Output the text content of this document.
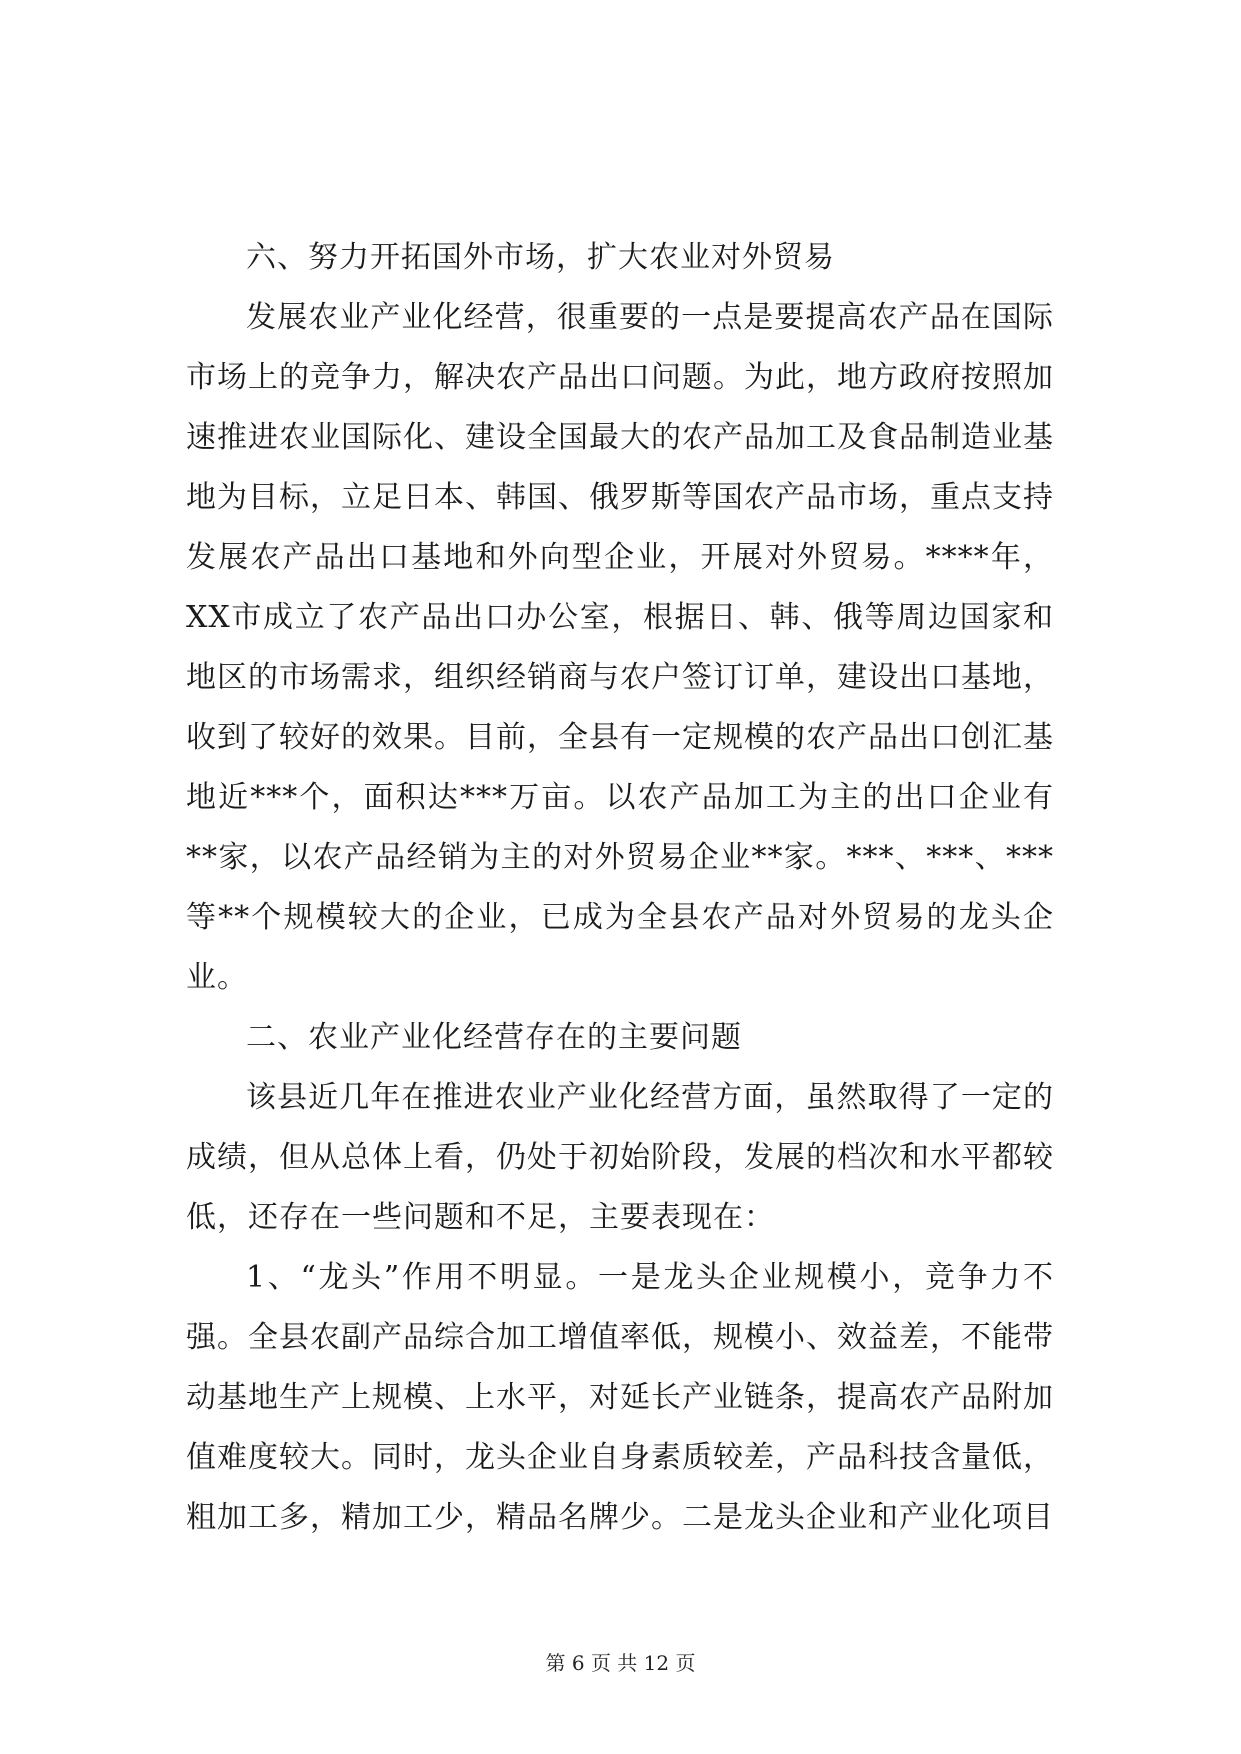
六、努力开拓国外市场，扩大农业对外贸易

发展农业产业化经营，很重要的一点是要提高农产品在国际市场上的竞争力，解决农产品出口问题。为此，地方政府按照加速推进农业国际化、建设全国最大的农产品加工及食品制造业基地为目标，立足日本、韩国、俄罗斯等国农产品市场，重点支持发展农产品出口基地和外向型企业，开展对外贸易。****年，XX市成立了农产品出口办公室，根据日、韩、俄等周边国家和地区的市场需求，组织经销商与农户签订订单，建设出口基地，收到了较好的效果。目前，全县有一定规模的农产品出口创汇基地近***个，面积达***万亩。以农产品加工为主的出口企业有**家，以农产品经销为主的对外贸易企业**家。***、***、***等**个规模较大的企业，已成为全县农产品对外贸易的龙头企业。

二、农业产业化经营存在的主要问题

该县近几年在推进农业产业化经营方面，虽然取得了一定的成绩，但从总体上看，仍处于初始阶段，发展的档次和水平都较低，还存在一些问题和不足，主要表现在：

1、“龙头”作用不明显。一是龙头企业规模小，竞争力不强。全县农副产品综合加工增值率低，规模小、效益差，不能带动基地生产上规模、上水平，对延长产业链条，提高农产品附加值难度较大。同时，龙头企业自身素质较差，产品科技含量低，粗加工多，精加工少，精品名牌少。二是龙头企业和产业化项目

第 6 页 共 12 页
